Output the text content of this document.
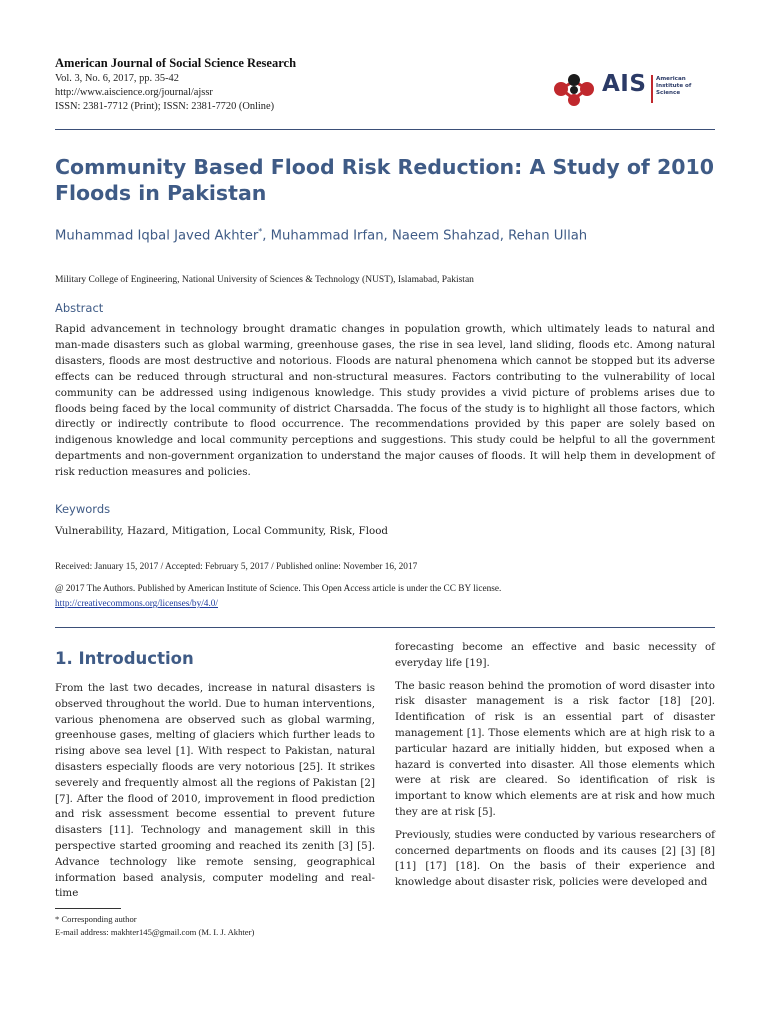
American Journal of Social Science Research
Vol. 3, No. 6, 2017, pp. 35-42
http://www.aiscience.org/journal/ajssr
ISSN: 2381-7712 (Print); ISSN: 2381-7720 (Online)
AIS American
Institute of
Science
Community Based Flood Risk Reduction: A Study of 2010 Floods in Pakistan
Muhammad Iqbal Javed Akhter*, Muhammad Irfan, Naeem Shahzad, Rehan Ullah
Military College of Engineering, National University of Sciences & Technology (NUST), Islamabad, Pakistan
Abstract
Rapid advancement in technology brought dramatic changes in population growth, which ultimately leads to natural and man-made disasters such as global warming, greenhouse gases, the rise in sea level, land sliding, floods etc. Among natural disasters, floods are most destructive and notorious. Floods are natural phenomena which cannot be stopped but its adverse effects can be reduced through structural and non-structural measures. Factors contributing to the vulnerability of local community can be addressed using indigenous knowledge. This study provides a vivid picture of problems arises due to floods being faced by the local community of district Charsadda. The focus of the study is to highlight all those factors, which directly or indirectly contribute to flood occurrence. The recommendations provided by this paper are solely based on indigenous knowledge and local community perceptions and suggestions. This study could be helpful to all the government departments and non-government organization to understand the major causes of floods. It will help them in development of risk reduction measures and policies.
Keywords
Vulnerability, Hazard, Mitigation, Local Community, Risk, Flood
Received: January 15, 2017 / Accepted: February 5, 2017 / Published online: November 16, 2017
@ 2017 The Authors. Published by American Institute of Science. This Open Access article is under the CC BY license.
http://creativecommons.org/licenses/by/4.0/
1. Introduction

From the last two decades, increase in natural disasters is observed throughout the world. Due to human interventions, various phenomena are observed such as global warming, greenhouse gases, melting of glaciers which further leads to rising above sea level [1]. With respect to Pakistan, natural disasters especially floods are very notorious [25]. It strikes severely and frequently almost all the regions of Pakistan [2] [7]. After the flood of 2010, improvement in flood prediction and risk assessment become essential to prevent future disasters [11]. Technology and management skill in this perspective started grooming and reached its zenith [3] [5]. Advance technology like remote sensing, geographical information based analysis, computer modeling and real-time

forecasting become an effective and basic necessity of everyday life [19].

The basic reason behind the promotion of word disaster into risk disaster management is a risk factor [18] [20]. Identification of risk is an essential part of disaster management [1]. Those elements which are at high risk to a particular hazard are initially hidden, but exposed when a hazard is converted into disaster. All those elements which were at risk are cleared. So identification of risk is important to know which elements are at risk and how much they are at risk [5].

Previously, studies were conducted by various researchers of concerned departments on floods and its causes [2] [3] [8] [11] [17] [18]. On the basis of their experience and knowledge about disaster risk, policies were developed and

* Corresponding author
E-mail address: makhter145@gmail.com (M. I. J. Akhter)
